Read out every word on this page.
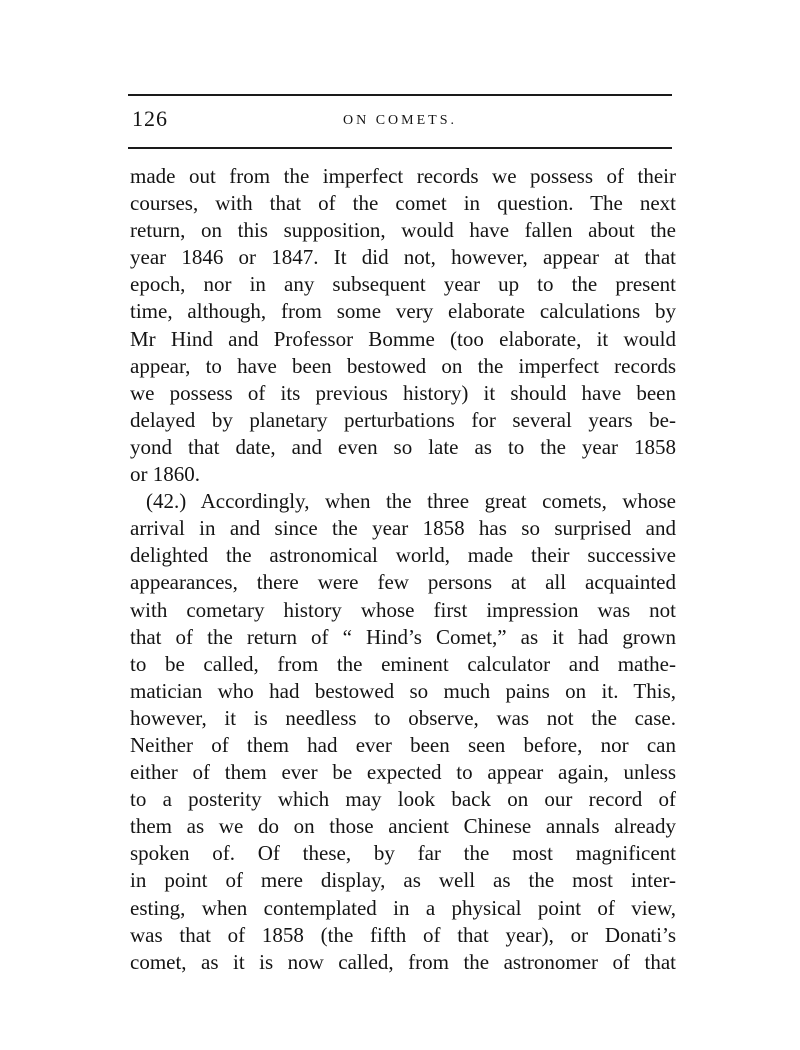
126	ON COMETS.
made out from the imperfect records we possess of their
courses, with that of the comet in question. The next
return, on this supposition, would have fallen about the
year 1846 or 1847. It did not, however, appear at that
epoch, nor in any subsequent year up to the present
time, although, from some very elaborate calculations by
Mr Hind and Professor Bomme (too elaborate, it would
appear, to have been bestowed on the imperfect records
we possess of its previous history) it should have been
delayed by planetary perturbations for several years be-
yond that date, and even so late as to the year 1858
or 1860.
(42.) Accordingly, when the three great comets, whose
arrival in and since the year 1858 has so surprised and
delighted the astronomical world, made their successive
appearances, there were few persons at all acquainted
with cometary history whose first impression was not
that of the return of “ Hind’s Comet,” as it had grown
to be called, from the eminent calculator and mathe-
matician who had bestowed so much pains on it. This,
however, it is needless to observe, was not the case.
Neither of them had ever been seen before, nor can
either of them ever be expected to appear again, unless
to a posterity which may look back on our record of
them as we do on those ancient Chinese annals already
spoken of. Of these, by far the most magnificent
in point of mere display, as well as the most inter-
esting, when contemplated in a physical point of view,
was that of 1858 (the fifth of that year), or Donati’s
comet, as it is now called, from the astronomer of that
